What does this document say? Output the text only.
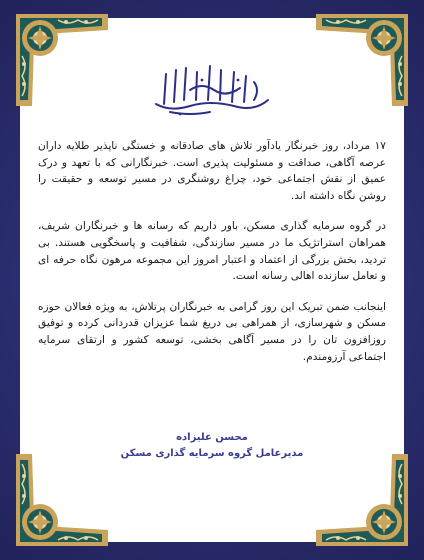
۱۷ مرداد، روز خبرنگار یادآور تلاش های صادقانه و خستگی ناپذیر طلایه داران عرصه آگاهی، صداقت و مسئولیت پذیری است. خبرنگارانی که با تعهد و درک عمیق از نقش اجتماعی خود، چراغ روشنگری در مسیر توسعه و حقیقت را روشن نگاه داشته اند.

در گروه سرمایه گذاری مسکن، باور داریم که رسانه ها و خبرنگاران شریف، همراهان استراتژیک ما در مسیر سازندگی، شفافیت و پاسخگویی هستند. بی تردید، بخش بزرگی از اعتماد و اعتبار امروز این مجموعه مرهون نگاه حرفه ای و تعامل سازنده اهالی رسانه است.

اینجانب ضمن تبریک این روز گرامی به خبرنگاران پرتلاش، به ویژه فعالان حوزه مسکن و شهرسازی، از همراهی بی دریغ شما عزیزان قدردانی کرده و توفیق روزافزون تان را در مسیر آگاهی بخشی، توسعه کشور و ارتقای سرمایه اجتماعی آرزومندم.

محسن علیزاده
مدیرعامل گروه سرمایه گذاری مسکن
